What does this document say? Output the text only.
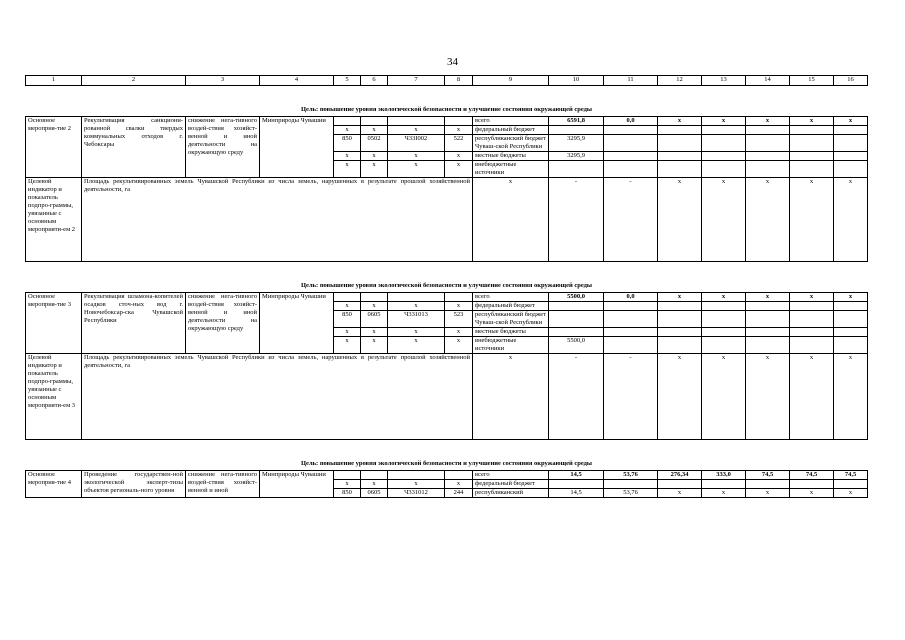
34
1	2	3	4	5	6	7	8	9	10	11	12	13	14	15	16
Цель: повышение уровня экологической безопасности и улучшение состояния окружающей среды															
Основное мероприя-тие 2	Рекультивация санкциони-рованной свалки твердых коммунальных отходов г. Чебоксары	снижение нега-тивного воздей-ствия хозяйст-венной и иной деятельности на окружающую среду	Минприроды Чувашии					всего	6591,8	0,0	x	x	x	x	x
				x	x	x	x	федеральный бюджет							
				850	0502	Ч33I002	522	республиканский бюджет Чуваш-ской Республики	3295,9						
				x	x	x	x	местные бюджеты	3295,9						
				x	x	x	x	внебюджетные источники							
Целевой индикатор и показатель подпро-граммы, увязанные с основным мероприяти-ем 2	Площадь рекультивированных земель Чувашской Республики из числа земель, нарушенных в результате прошлой хозяйственной деятельности, га							x	-	-	x	x	x	x	x
Цель: повышение уровня экологической безопасности и улучшение состояния окружающей среды															
Основное мероприя-тие 3	Рекультивация шламона-копителей осадков сточ-ных вод г. Новочебоксар-ска Чувашской Республики	снижение нега-тивного воздей-ствия хозяйст-венной и иной деятельности на окружающую среду	Минприроды Чувашии					всего	5500,0	0,0	x	x	x	x	x
				x	x	x	x	федеральный бюджет							
				850	0605	Ч331013	523	республиканский бюджет Чуваш-ской Республики							
				x	x	x	x	местные бюджеты							
				x	x	x	x	внебюджетные источники	5500,0						
Целевой индикатор и показатель подпро-граммы, увязанные с основным мероприяти-ем 3	Площадь рекультивированных земель Чувашской Республики из числа земель, нарушенных в результате прошлой хозяйственной деятельности, га							x	-	-	x	x	x	x	x
Цель: повышение уровня экологической безопасности и улучшение состояния окружающей среды															
Основное мероприя-тие 4	Проведение государствен-ной экологической эксперт-тизы объектов региональ-ного уровня	снижение нега-тивного воздей-ствия хозяйст-венной и иной	Минприроды Чувашии					всего	14,5	53,76	276,34	333,0	74,5	74,5	74,5
				x	x	x	x	федеральный бюджет							
				850	0605	Ч331012	244	республиканский	14,5	53,76	x	x	x	x	x
